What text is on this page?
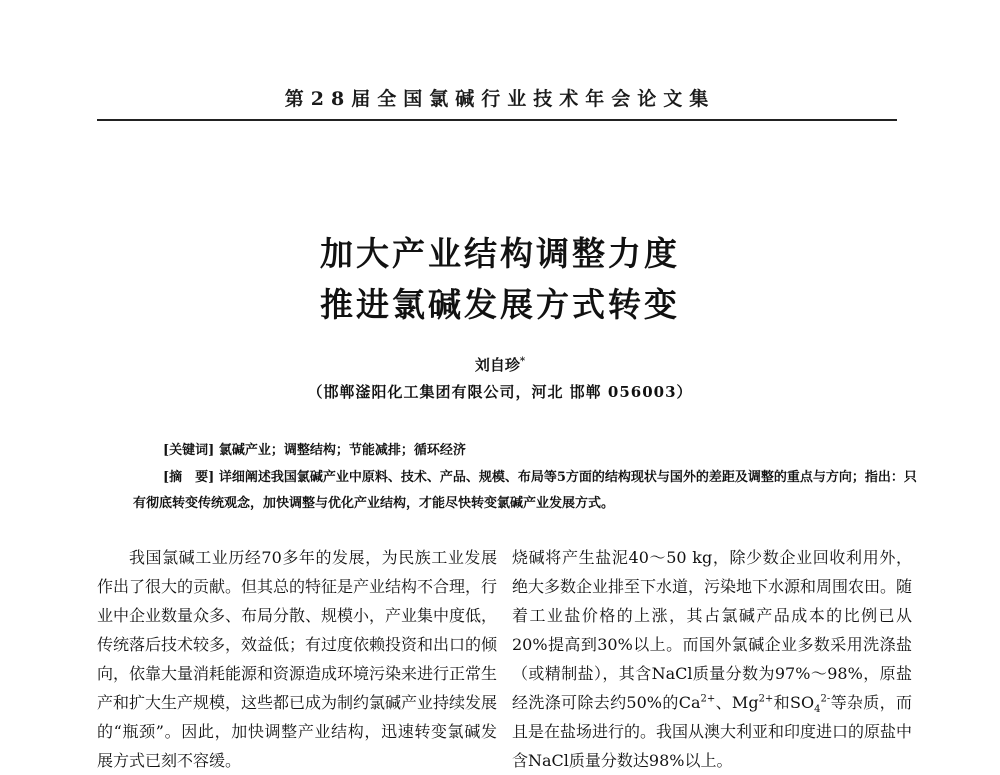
第28届全国氯碱行业技术年会论文集
加大产业结构调整力度
推进氯碱发展方式转变
刘自珍*
（邯郸滏阳化工集团有限公司，河北 邯郸 056003）
[关键词] 氯碱产业；调整结构；节能减排；循环经济
[摘　要] 详细阐述我国氯碱产业中原料、技术、产品、规模、布局等5方面的结构现状与国外的差距及调整的重点与方向；指出：只有彻底转变传统观念，加快调整与优化产业结构，才能尽快转变氯碱产业发展方式。
我国氯碱工业历经70多年的发展，为民族工业发展作出了很大的贡献。但其总的特征是产业结构不合理，行业中企业数量众多、布局分散、规模小，产业集中度低，传统落后技术较多，效益低；有过度依赖投资和出口的倾向，依靠大量消耗能源和资源造成环境污染来进行正常生产和扩大生产规模，这些都已成为制约氯碱产业持续发展的“瓶颈”。因此，加快调整产业结构，迅速转变氯碱发展方式已刻不容缓。
烧碱将产生盐泥40～50 kg，除少数企业回收利用外，绝大多数企业排至下水道，污染地下水源和周围农田。随着工业盐价格的上涨，其占氯碱产品成本的比例已从20%提高到30%以上。而国外氯碱企业多数采用洗涤盐（或精制盐），其含NaCl质量分数为97%～98%，原盐经洗涤可除去约50%的$Ca^{2+}$、$Mg^{2+}$和$SO_4^{2-}$等杂质，而且是在盐场进行的。我国从澳大利亚和印度进口的原盐中含NaCl质量分数达98%以上。
